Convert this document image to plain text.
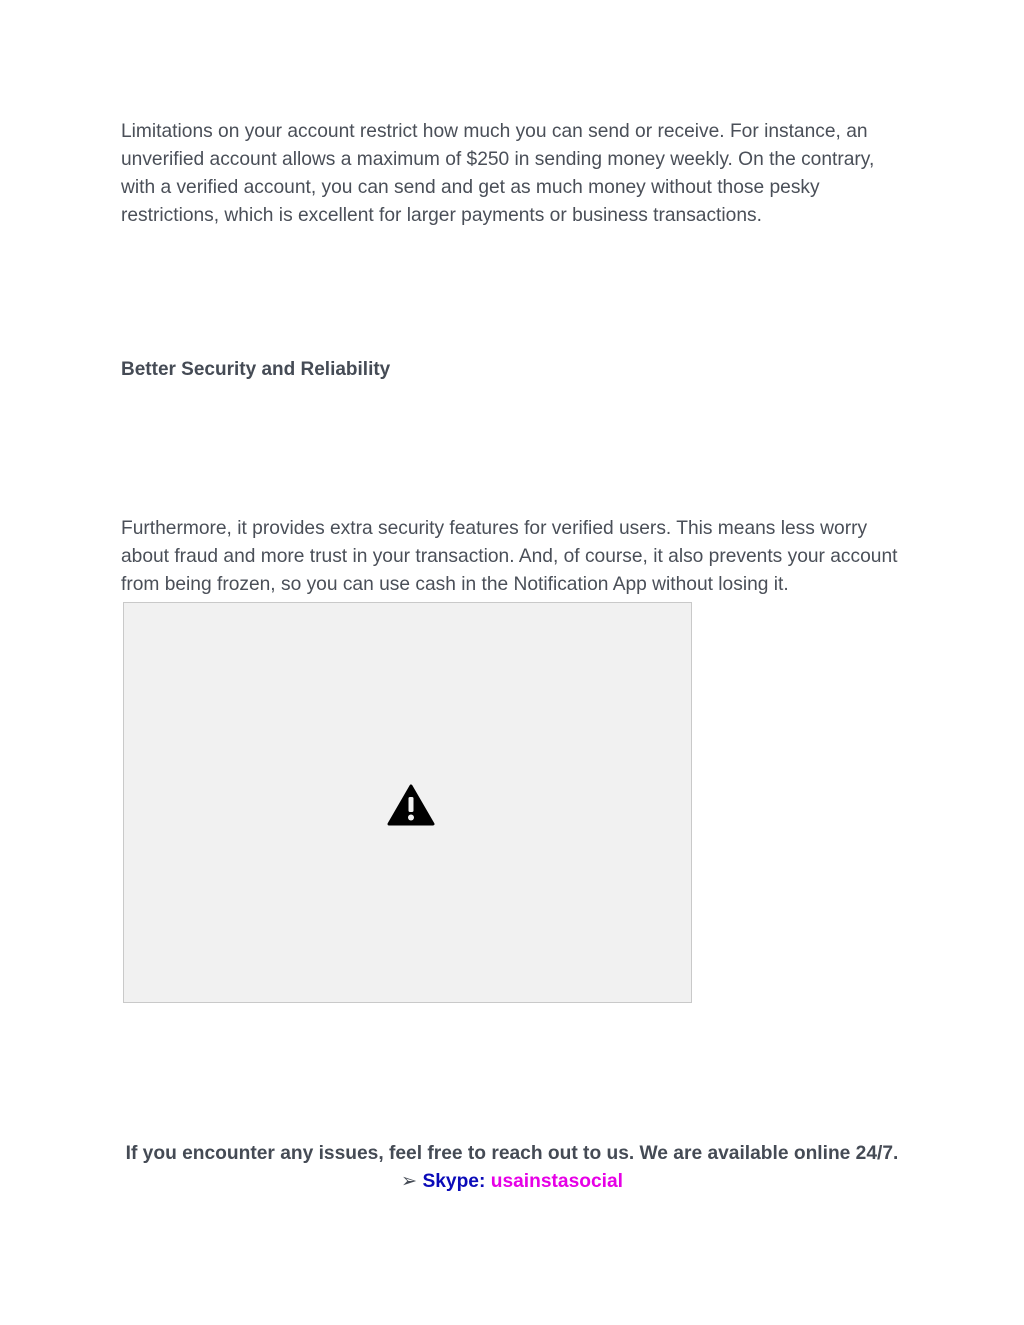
Limitations on your account restrict how much you can send or receive. For instance, an unverified account allows a maximum of $250 in sending money weekly. On the contrary, with a verified account, you can send and get as much money without those pesky restrictions, which is excellent for larger payments or business transactions.

Better Security and Reliability

Furthermore, it provides extra security features for verified users. This means less worry about fraud and more trust in your transaction. And, of course, it also prevents your account from being frozen, so you can use cash in the Notification App without losing it.

If you encounter any issues, feel free to reach out to us. We are available online 24/7.
➢ Skype: usainstasocial
